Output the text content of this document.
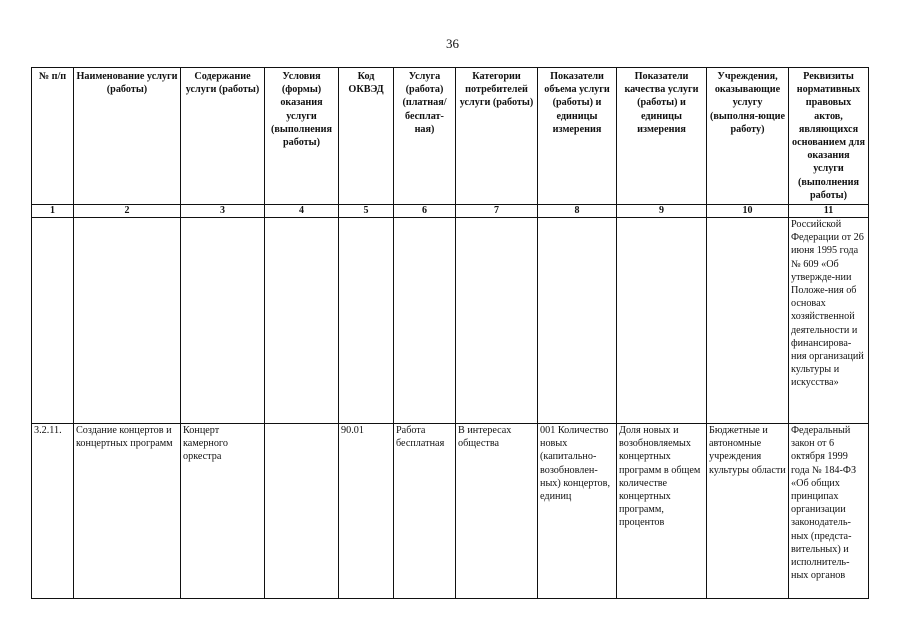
36
№ п/п	Наименование услуги (работы)	Содержание услуги (работы)	Условия (формы) оказания услуги (выполнения работы)	Код ОКВЭД	Услуга (работа) (платная/ бесплат-ная)	Категории потребителей услуги (работы)	Показатели объема услуги (работы) и единицы измерения	Показатели качества услуги (работы) и единицы измерения	Учреждения, оказывающие услугу (выполня-ющие работу)	Реквизиты нормативных правовых актов, являющихся основанием для оказания услуги (выполнения работы)
1	2	3	4	5	6	7	8	9	10	11
										Российской Федерации от 26 июня 1995 года № 609 «Об утвержде-нии Положе-ния об основах хозяйственной деятельности и финансирова-ния организаций культуры и искусства»
3.2.11.	Создание концертов и концертных программ	Концерт камерного оркестра		90.01	Работа бесплатная	В интересах общества	001 Количество новых (капитально-возобновлен-ных) концертов, единиц	Доля новых и возобновляемых концертных программ в общем количестве концертных программ, процентов	Бюджетные и автономные учреждения культуры области	Федеральный закон от 6 октября 1999 года № 184-ФЗ «Об общих принципах организации законодатель-ных (предста-вительных) и исполнитель-ных органов
